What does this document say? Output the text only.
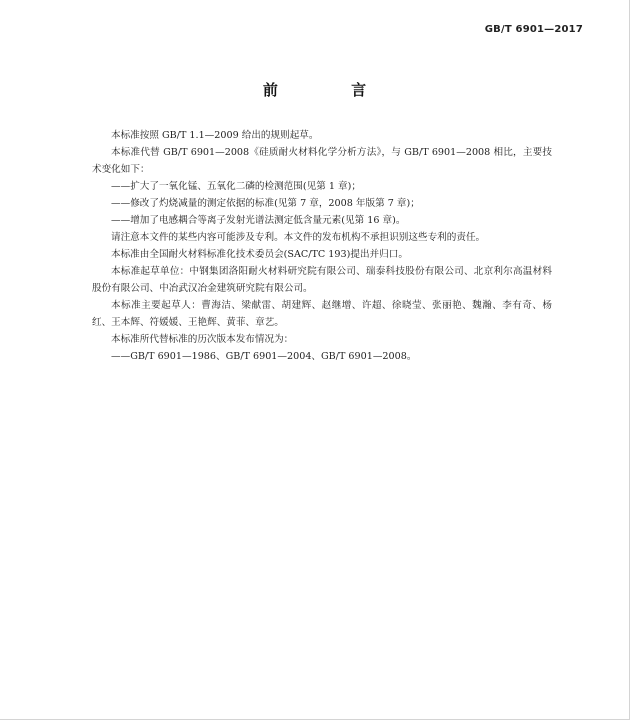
GB/T 6901—2017
前 言

本标准按照 GB/T 1.1—2009 给出的规则起草。

本标准代替 GB/T 6901—2008《硅质耐火材料化学分析方法》，与 GB/T 6901—2008 相比，主要技术变化如下：

——扩大了一氧化锰、五氧化二磷的检测范围(见第 1 章)；

——修改了灼烧减量的测定依据的标准(见第 7 章，2008 年版第 7 章)；

——增加了电感耦合等离子发射光谱法测定低含量元素(见第 16 章)。

请注意本文件的某些内容可能涉及专利。本文件的发布机构不承担识别这些专利的责任。

本标准由全国耐火材料标准化技术委员会(SAC/TC 193)提出并归口。

本标准起草单位：中钢集团洛阳耐火材料研究院有限公司、瑞泰科技股份有限公司、北京利尔高温材料股份有限公司、中冶武汉冶金建筑研究院有限公司。

本标准主要起草人：曹海洁、梁献雷、胡建辉、赵继增、许超、徐晓莹、张丽艳、魏瀚、李有奇、杨红、王本辉、符媛媛、王艳辉、黄菲、章艺。

本标准所代替标准的历次版本发布情况为：

——GB/T 6901—1986、GB/T 6901—2004、GB/T 6901—2008。
